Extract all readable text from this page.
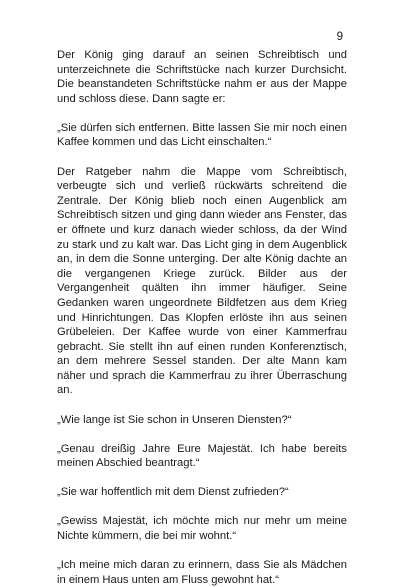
9

Der König ging darauf an seinen Schreibtisch und unterzeichnete die Schriftstücke nach kurzer Durchsicht. Die beanstandeten Schriftstücke nahm er aus der Mappe und schloss diese. Dann sagte er:

„Sie dürfen sich entfernen. Bitte lassen Sie mir noch einen Kaffee kommen und das Licht einschalten.“

Der Ratgeber nahm die Mappe vom Schreibtisch, verbeugte sich und verließ rückwärts schreitend die Zentrale. Der König blieb noch einen Augenblick am Schreibtisch sitzen und ging dann wieder ans Fenster, das er öffnete und kurz danach wieder schloss, da der Wind zu stark und zu kalt war. Das Licht ging in dem Augenblick an, in dem die Sonne unterging. Der alte König dachte an die vergangenen Kriege zurück. Bilder aus der Vergangenheit quälten ihn immer häufiger. Seine Gedanken waren ungeordnete Bildfetzen aus dem Krieg und Hinrichtungen. Das Klopfen erlöste ihn aus seinen Grübeleien. Der Kaffee wurde von einer Kammerfrau gebracht. Sie stellt ihn auf einen runden Konferenztisch, an dem mehrere Sessel standen. Der alte Mann kam näher und sprach die Kammerfrau zu ihrer Überraschung an.

„Wie lange ist Sie schon in Unseren Diensten?“

„Genau dreißig Jahre Eure Majestät. Ich habe bereits meinen Abschied beantragt.“

„Sie war hoffentlich mit dem Dienst zufrieden?“

„Gewiss Majestät, ich möchte mich nur mehr um meine Nichte kümmern, die bei mir wohnt.“

„Ich meine mich daran zu erinnern, dass Sie als Mädchen in einem Haus unten am Fluss gewohnt hat.“
